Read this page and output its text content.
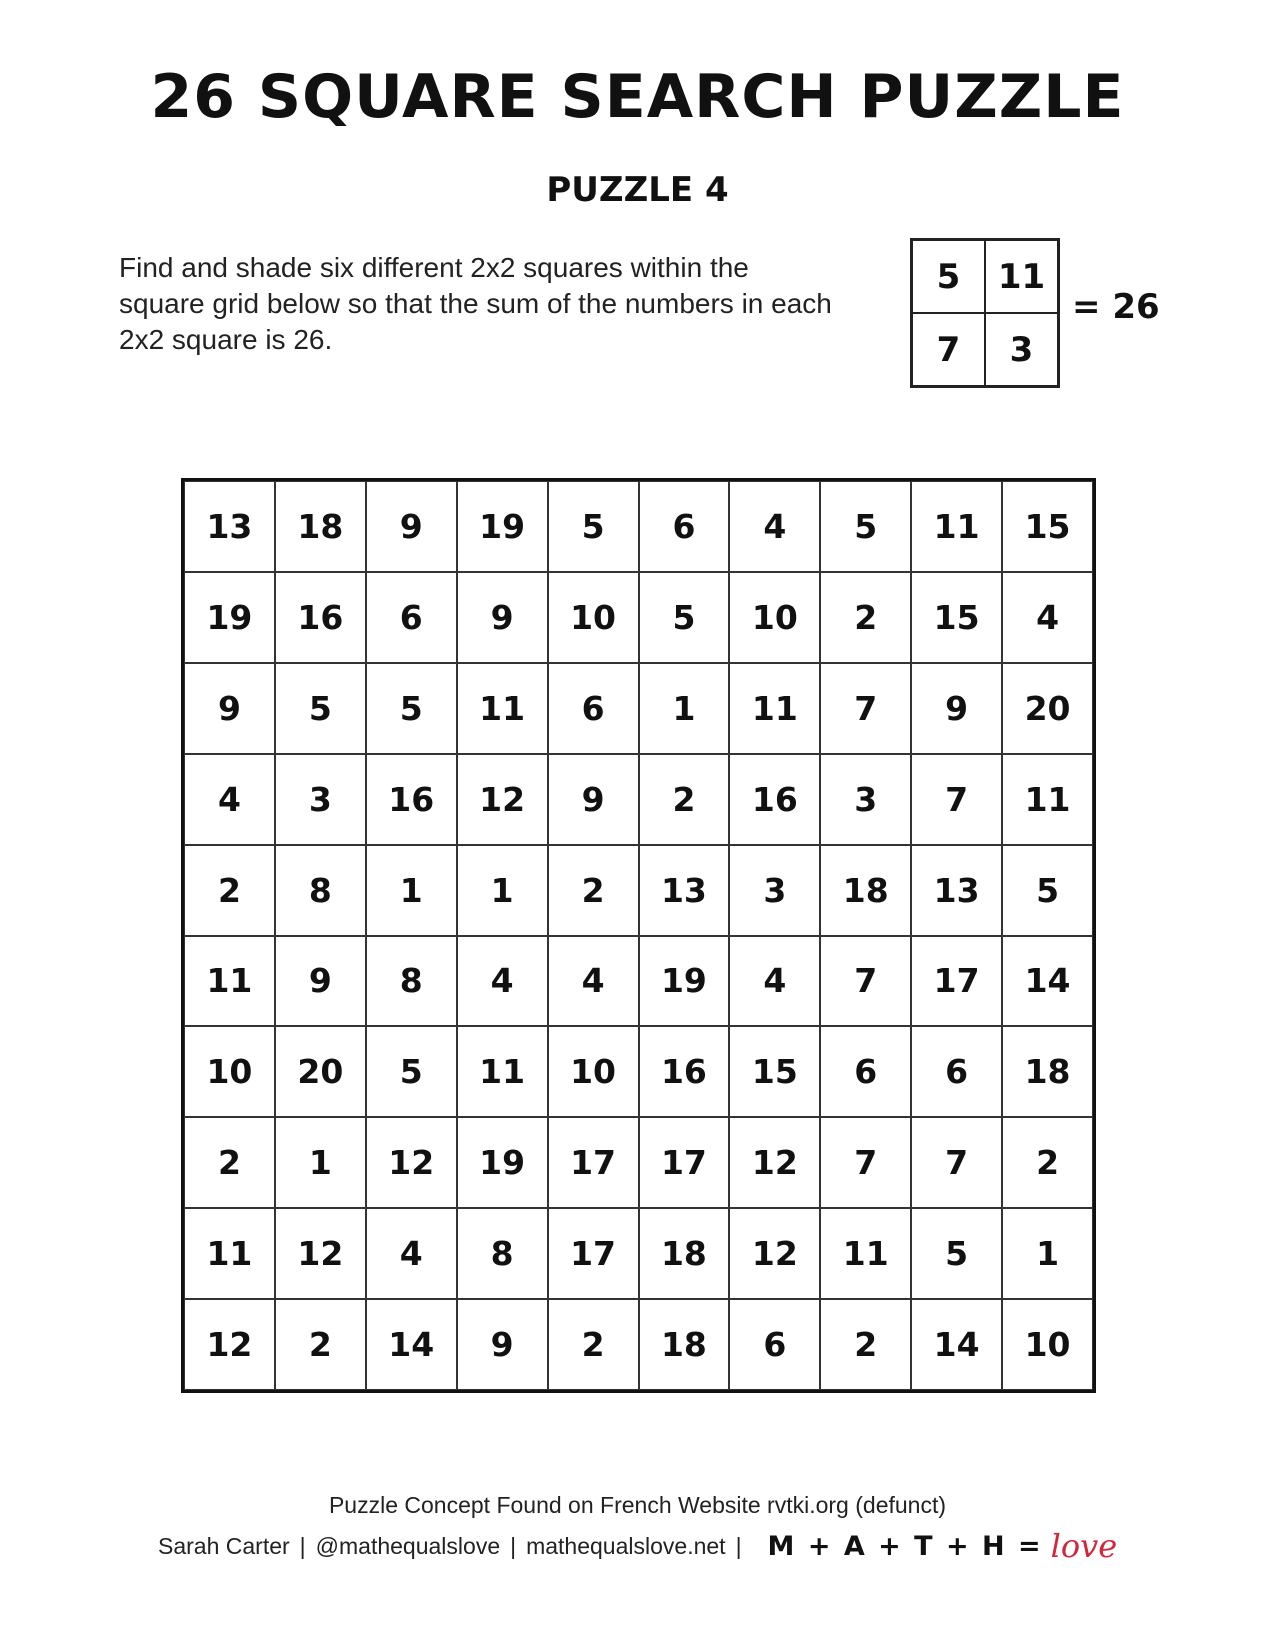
26 SQUARE SEARCH PUZZLE
PUZZLE 4
Find and shade six different 2x2 squares within the square grid below so that the sum of the numbers in each 2x2 square is 26.
5	11
7	3
= 26
13	18	9	19	5	6	4	5	11	15
19	16	6	9	10	5	10	2	15	4
9	5	5	11	6	1	11	7	9	20
4	3	16	12	9	2	16	3	7	11
2	8	1	1	2	13	3	18	13	5
11	9	8	4	4	19	4	7	17	14
10	20	5	11	10	16	15	6	6	18
2	1	12	19	17	17	12	7	7	2
11	12	4	8	17	18	12	11	5	1
12	2	14	9	2	18	6	2	14	10
Puzzle Concept Found on French Website rvtki.org (defunct)
Sarah Carter | @mathequalslove | mathequalslove.net | M + A + T + H = love
